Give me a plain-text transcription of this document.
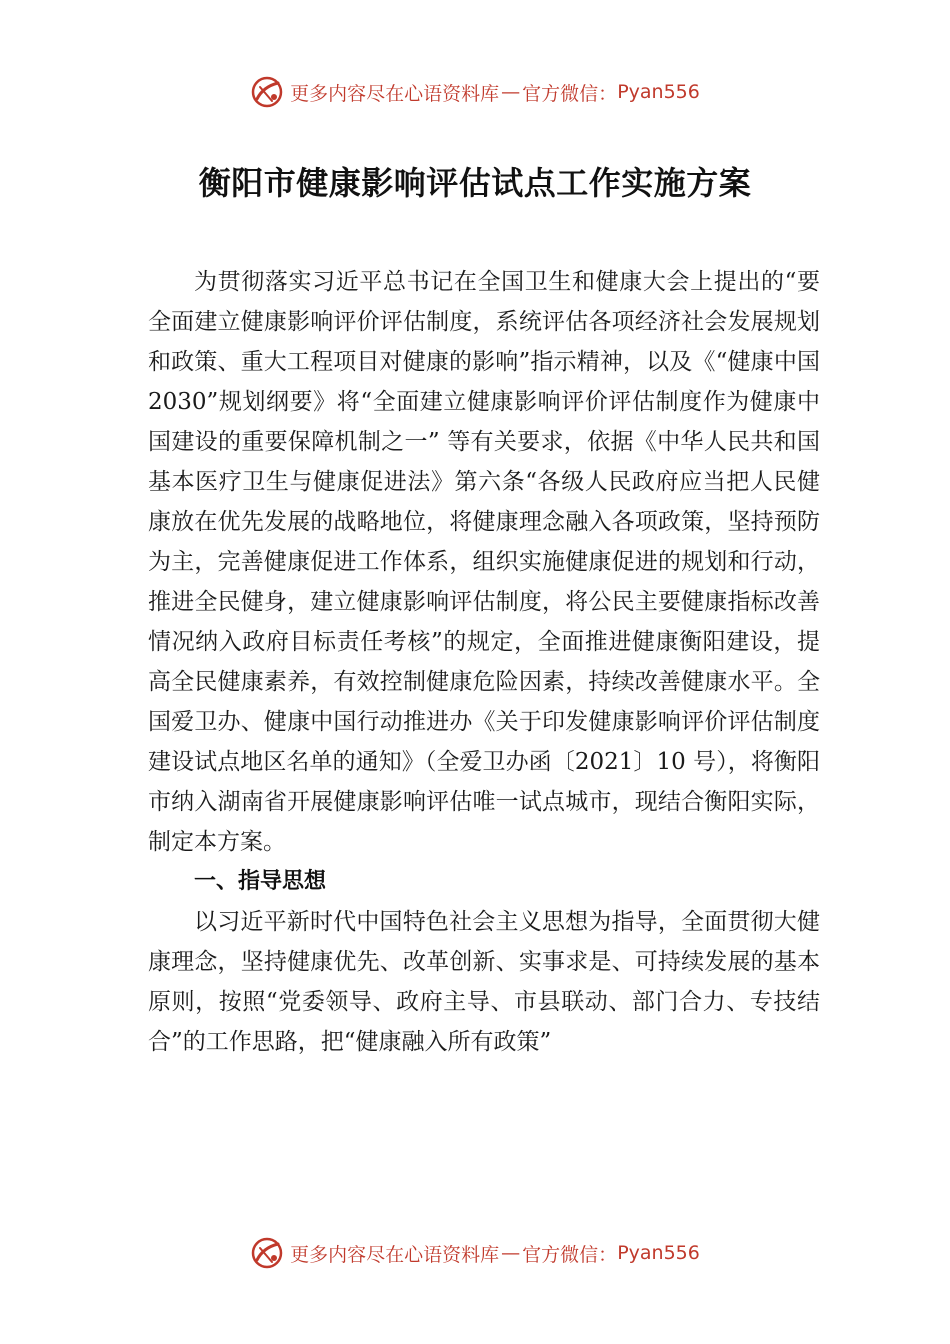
更多内容尽在心语资料库 — 官方微信： Pyan556
衡阳市健康影响评估试点工作实施方案

为贯彻落实习近平总书记在全国卫生和健康大会上提出的“要全面建立健康影响评价评估制度，系统评估各项经济社会发展规划和政策、重大工程项目对健康的影响”指示精神，以及《“健康中国 2030”规划纲要》将“全面建立健康影响评价评估制度作为健康中国建设的重要保障机制之一” 等有关要求，依据《中华人民共和国基本医疗卫生与健康促进法》第六条“各级人民政府应当把人民健康放在优先发展的战略地位，将健康理念融入各项政策，坚持预防为主，完善健康促进工作体系，组织实施健康促进的规划和行动，推进全民健身，建立健康影响评估制度，将公民主要健康指标改善情况纳入政府目标责任考核”的规定，全面推进健康衡阳建设，提高全民健康素养，有效控制健康危险因素，持续改善健康水平。全国爱卫办、健康中国行动推进办《关于印发健康影响评价评估制度建设试点地区名单的通知》（全爱卫办函〔2021〕10 号），将衡阳市纳入湖南省开展健康影响评估唯一试点城市，现结合衡阳实际，制定本方案。

一、指导思想

以习近平新时代中国特色社会主义思想为指导，全面贯彻大健康理念，坚持健康优先、改革创新、实事求是、可持续发展的基本原则，按照“党委领导、政府主导、市县联动、部门合力、专技结合”的工作思路，把“健康融入所有政策”

更多内容尽在心语资料库 — 官方微信： Pyan556
